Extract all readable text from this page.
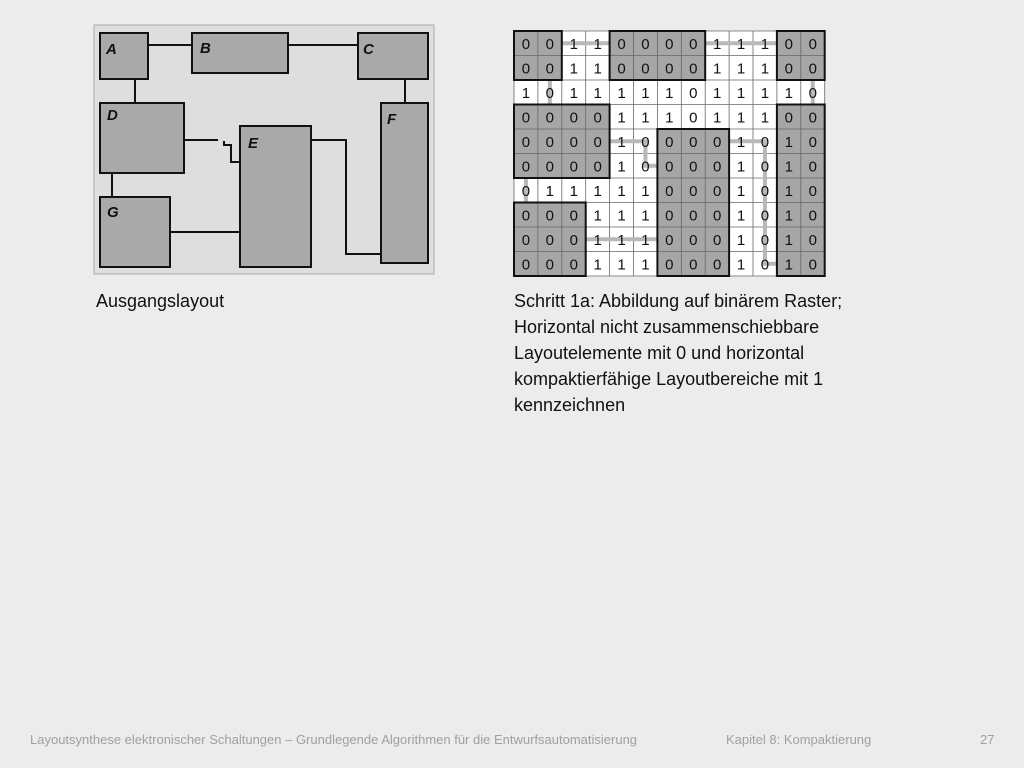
A	B	C
D
E
F
G
0 0 1 1 0 0 0 0 1 1 1 0 0
0 0 1 1 0 0 0 0 1 1 1 0 0
1 0 1 1 1 1 1 0 1 1 1 1 0
0 0 0 0 1 1 1 0 1 1 1 0 0
0 0 0 0 1 0 0 0 0 1 0 1 0
0 0 0 0 1 0 0 0 0 1 0 1 0
0 1 1 1 1 1 0 0 0 1 0 1 0
0 0 0 1 1 1 0 0 0 1 0 1 0
0 0 0 1 1 1 0 0 0 1 0 1 0
0 0 0 1 1 1 0 0 0 1 0 1 0
Ausgangslayout	Schritt 1a: Abbildung auf binärem Raster;
Horizontal nicht zusammenschiebbare
Layoutelemente mit 0 und horizontal
kompaktierfähige Layoutbereiche mit 1
kennzeichnen
Layoutsynthese elektronischer Schaltungen – Grundlegende Algorithmen für die Entwurfsautomatisierung	Kapitel 8: Kompaktierung	27
